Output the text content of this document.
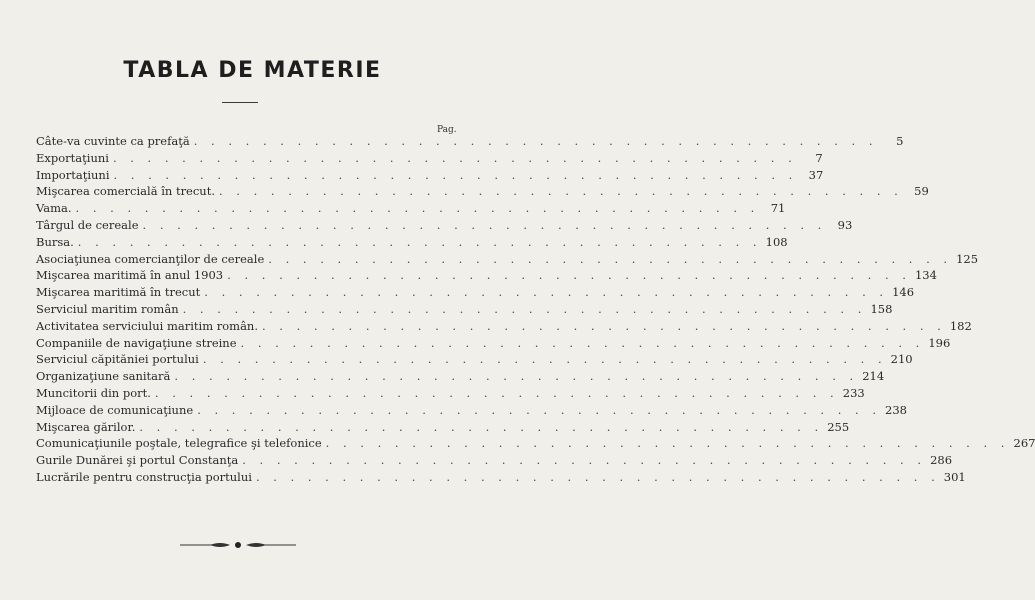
TABLA DE MATERIE
Pag.
Câte-va cuvinte ca prefaţă . . . . . . . . . . . . . . . . . . . . . . . . . . . . . . . . . . . . . . . .	5
Exportaţiuni . . . . . . . . . . . . . . . . . . . . . . . . . . . . . . . . . . . . . . . .	7
Importaţiuni . . . . . . . . . . . . . . . . . . . . . . . . . . . . . . . . . . . . . . . . 37
Mişcarea comercială în trecut. . . . . . . . . . . . . . . . . . . . . . . . . . . . . . . . . . . . . . . . . 59
Vama. . . . . . . . . . . . . . . . . . . . . . . . . . . . . . . . . . . . . . . . . 71
Târgul de cereale . . . . . . . . . . . . . . . . . . . . . . . . . . . . . . . . . . . . . . . . 93
Bursa. . . . . . . . . . . . . . . . . . . . . . . . . . . . . . . . . . . . . . . . . 108
Asociaţiunea comercianţilor de cereale . . . . . . . . . . . . . . . . . . . . . . . . . . . . . . . . . . . . . . . . 125
Mişcarea maritimă în anul 1903 . . . . . . . . . . . . . . . . . . . . . . . . . . . . . . . . . . . . . . . . 134
Mişcarea maritimă în trecut . . . . . . . . . . . . . . . . . . . . . . . . . . . . . . . . . . . . . . . . 146
Serviciul maritim român . . . . . . . . . . . . . . . . . . . . . . . . . . . . . . . . . . . . . . . . 158
Activitatea serviciului maritim român. . . . . . . . . . . . . . . . . . . . . . . . . . . . . . . . . . . . . . . . . 182
Companiile de navigaţiune streine . . . . . . . . . . . . . . . . . . . . . . . . . . . . . . . . . . . . . . . . 196
Serviciul căpităniei portului . . . . . . . . . . . . . . . . . . . . . . . . . . . . . . . . . . . . . . . . 210
Organizaţiune sanitară . . . . . . . . . . . . . . . . . . . . . . . . . . . . . . . . . . . . . . . . 214
Muncitorii din port. . . . . . . . . . . . . . . . . . . . . . . . . . . . . . . . . . . . . . . . . 233
Mijloace de comunicaţiune . . . . . . . . . . . . . . . . . . . . . . . . . . . . . . . . . . . . . . . . 238
Mişcarea gărilor. . . . . . . . . . . . . . . . . . . . . . . . . . . . . . . . . . . . . . . . . 255
Comunicaţiunile poştale, telegrafice şi telefonice . . . . . . . . . . . . . . . . . . . . . . . . . . . . . . . . . . . . . . . . 267
Gurile Dunărei şi portul Constanţa . . . . . . . . . . . . . . . . . . . . . . . . . . . . . . . . . . . . . . . . 286
Lucrările pentru construcţia portului . . . . . . . . . . . . . . . . . . . . . . . . . . . . . . . . . . . . . . . . 301
